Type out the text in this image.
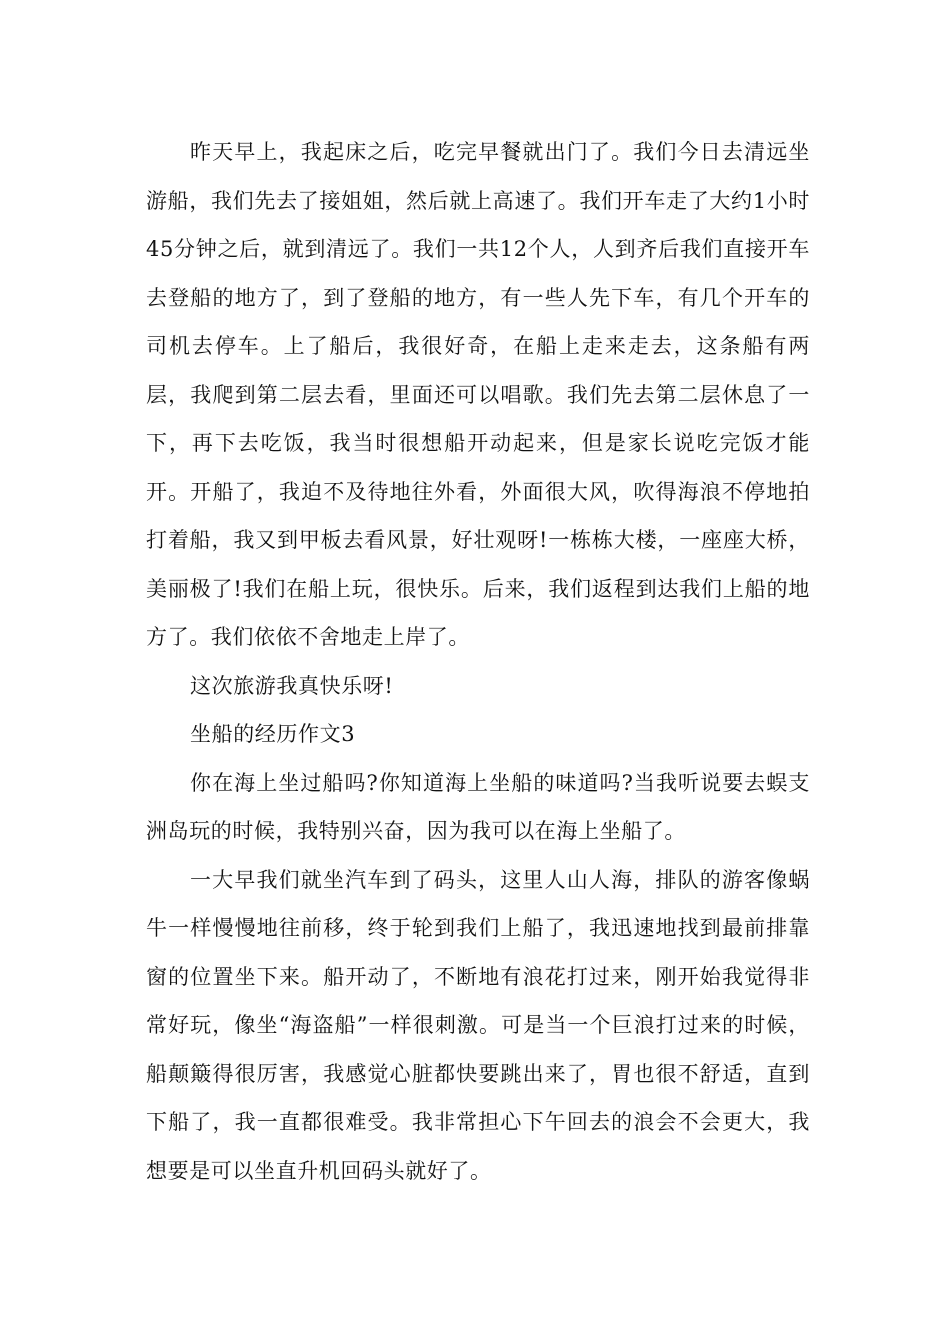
昨天早上，我起床之后，吃完早餐就出门了。我们今日去清远坐游船，我们先去了接姐姐，然后就上高速了。我们开车走了大约1小时45分钟之后，就到清远了。我们一共12个人，人到齐后我们直接开车去登船的地方了，到了登船的地方，有一些人先下车，有几个开车的司机去停车。上了船后，我很好奇，在船上走来走去，这条船有两层，我爬到第二层去看，里面还可以唱歌。我们先去第二层休息了一下，再下去吃饭，我当时很想船开动起来，但是家长说吃完饭才能开。开船了，我迫不及待地往外看，外面很大风，吹得海浪不停地拍打着船，我又到甲板去看风景，好壮观呀!一栋栋大楼，一座座大桥，美丽极了!我们在船上玩，很快乐。后来，我们返程到达我们上船的地方了。我们依依不舍地走上岸了。

这次旅游我真快乐呀!

坐船的经历作文3

你在海上坐过船吗?你知道海上坐船的味道吗?当我听说要去蜈支洲岛玩的时候，我特别兴奋，因为我可以在海上坐船了。

一大早我们就坐汽车到了码头，这里人山人海，排队的游客像蜗牛一样慢慢地往前移，终于轮到我们上船了，我迅速地找到最前排靠窗的位置坐下来。船开动了，不断地有浪花打过来，刚开始我觉得非常好玩，像坐“海盗船”一样很刺激。可是当一个巨浪打过来的时候，船颠簸得很厉害，我感觉心脏都快要跳出来了，胃也很不舒适，直到下船了，我一直都很难受。我非常担心下午回去的浪会不会更大，我想要是可以坐直升机回码头就好了。
